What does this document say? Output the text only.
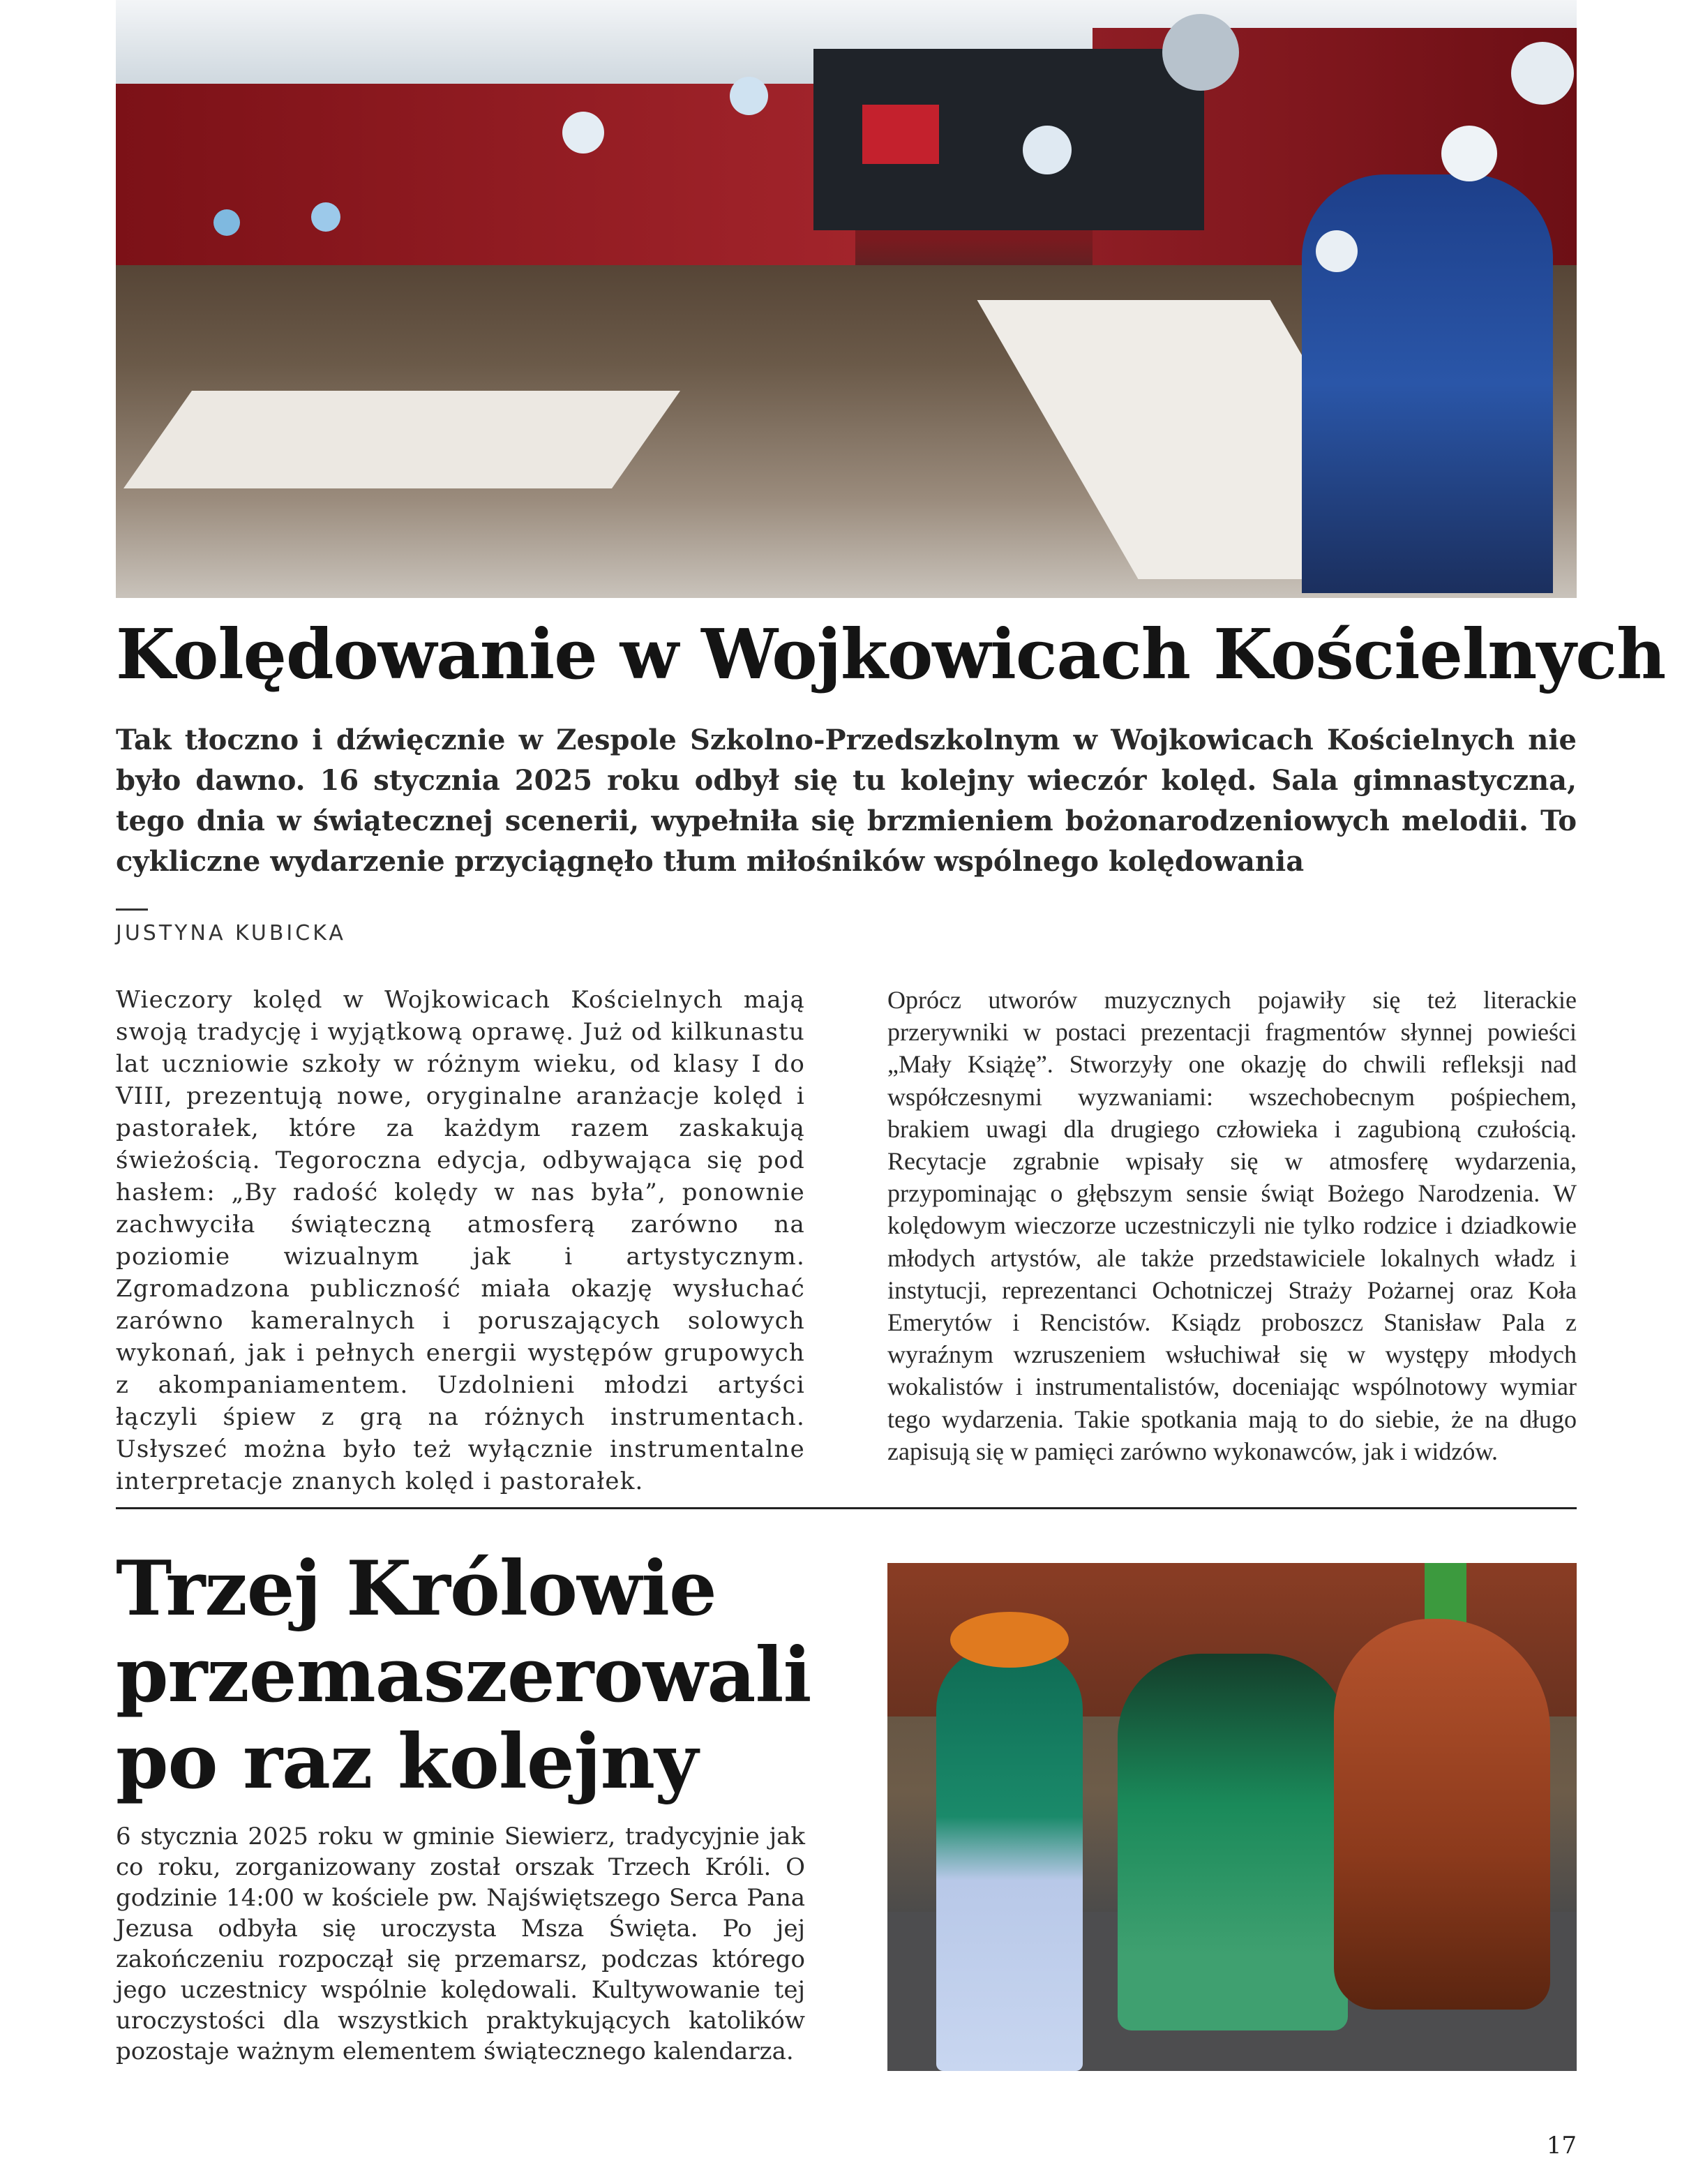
Kolędowanie w Wojkowicach Kościelnych

Tak tłoczno i dźwięcznie w Zespole Szkolno-Przedszkolnym w Wojkowicach Kościelnych nie było dawno. 16 stycznia 2025 roku odbył się tu kolejny wieczór kolęd. Sala gimnastyczna, tego dnia w świątecznej scenerii, wypełniła się brzmieniem bożonarodzeniowych melodii. To cykliczne wydarzenie przyciągnęło tłum miłośników wspólnego kolędowania

JUSTYNA KUBICKA

Wieczory kolęd w Wojkowicach Kościelnych mają swoją tradycję i wyjątkową oprawę. Już od kilkunastu lat uczniowie szkoły w różnym wieku, od klasy I do VIII, prezentują nowe, oryginalne aranżacje kolęd i pastorałek, które za każdym razem zaskakują świeżością. Tegoroczna edycja, odbywająca się pod hasłem: „By radość kolędy w nas była”, ponownie zachwyciła świąteczną atmosferą zarówno na poziomie wizualnym jak i artystycznym. Zgromadzona publiczność miała okazję wysłuchać zarówno kameralnych i poruszających solowych wykonań, jak i pełnych energii występów grupowych z akompaniamentem. Uzdolnieni młodzi artyści łączyli śpiew z grą na różnych instrumentach. Usłyszeć można było też wyłącznie instrumentalne interpretacje znanych kolęd i pastorałek.

Oprócz utworów muzycznych pojawiły się też literackie przerywniki w postaci prezentacji fragmentów słynnej powieści „Mały Książę”. Stworzyły one okazję do chwili refleksji nad współczesnymi wyzwaniami: wszechobecnym pośpiechem, brakiem uwagi dla drugiego człowieka i zagubioną czułością. Recytacje zgrabnie wpisały się w atmosferę wydarzenia, przypominając o głębszym sensie świąt Bożego Narodzenia. W kolędowym wieczorze uczestniczyli nie tylko rodzice i dziadkowie młodych artystów, ale także przedstawiciele lokalnych władz i instytucji, reprezentanci Ochotniczej Straży Pożarnej oraz Koła Emerytów i Rencistów. Ksiądz proboszcz Stanisław Pala z wyraźnym wzruszeniem wsłuchiwał się w występy młodych wokalistów i instrumentalistów, doceniając wspólnotowy wymiar tego wydarzenia. Takie spotkania mają to do siebie, że na długo zapisują się w pamięci zarówno wykonawców, jak i widzów.

Trzej Królowie
przemaszerowali
po raz kolejny

6 stycznia 2025 roku w gminie Siewierz, tradycyjnie jak co roku, zorganizowany został orszak Trzech Króli. O godzinie 14:00 w kościele pw. Najświętszego Serca Pana Jezusa odbyła się uroczysta Msza Święta. Po jej zakończeniu rozpoczął się przemarsz, podczas którego jego uczestnicy wspólnie kolędowali. Kultywowanie tej uroczystości dla wszystkich praktykujących katolików pozostaje ważnym elementem świątecznego kalendarza.

17
